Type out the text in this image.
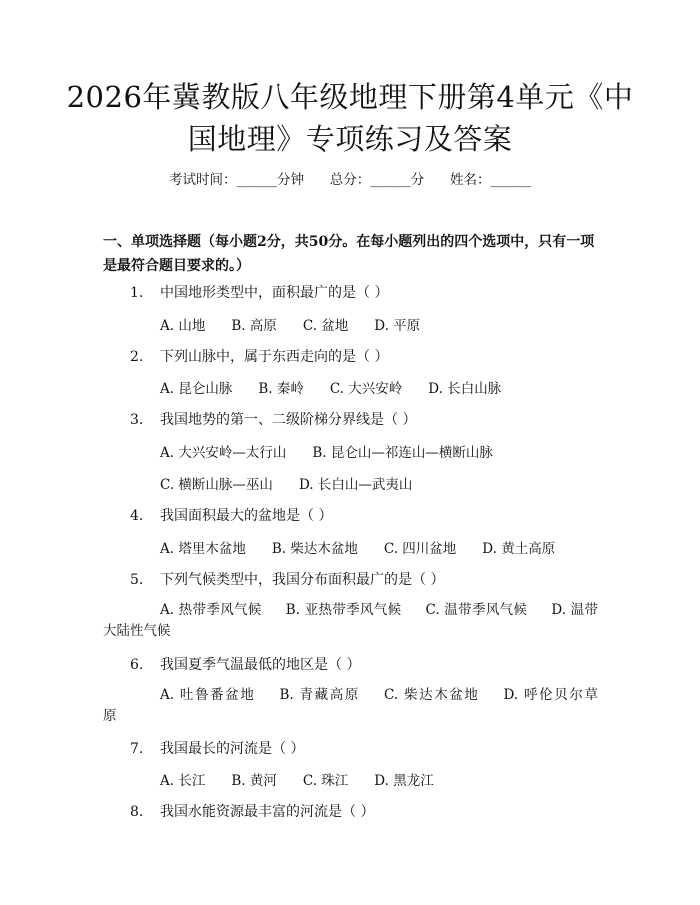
2026年冀教版八年级地理下册第4单元《中国地理》专项练习及答案
考试时间：______分钟 总分：______分 姓名：______
一、单项选择题（每小题2分，共50分。在每小题列出的四个选项中，只有一项是最符合题目要求的。）
1. 中国地形类型中，面积最广的是（ ）
A. 山地 B. 高原 C. 盆地 D. 平原
2. 下列山脉中，属于东西走向的是（ ）
A. 昆仑山脉 B. 秦岭 C. 大兴安岭 D. 长白山脉
3. 我国地势的第一、二级阶梯分界线是（ ）
A. 大兴安岭—太行山 B. 昆仑山—祁连山—横断山脉
C. 横断山脉—巫山 D. 长白山—武夷山
4. 我国面积最大的盆地是（ ）
A. 塔里木盆地 B. 柴达木盆地 C. 四川盆地 D. 黄土高原
5. 下列气候类型中，我国分布面积最广的是（ ）
A. 热带季风气候 B. 亚热带季风气候 C. 温带季风气候 D. 温带大陆性气候
6. 我国夏季气温最低的地区是（ ）
A. 吐鲁番盆地 B. 青藏高原 C. 柴达木盆地 D. 呼伦贝尔草原
7. 我国最长的河流是（ ）
A. 长江 B. 黄河 C. 珠江 D. 黑龙江
8. 我国水能资源最丰富的河流是（ ）
